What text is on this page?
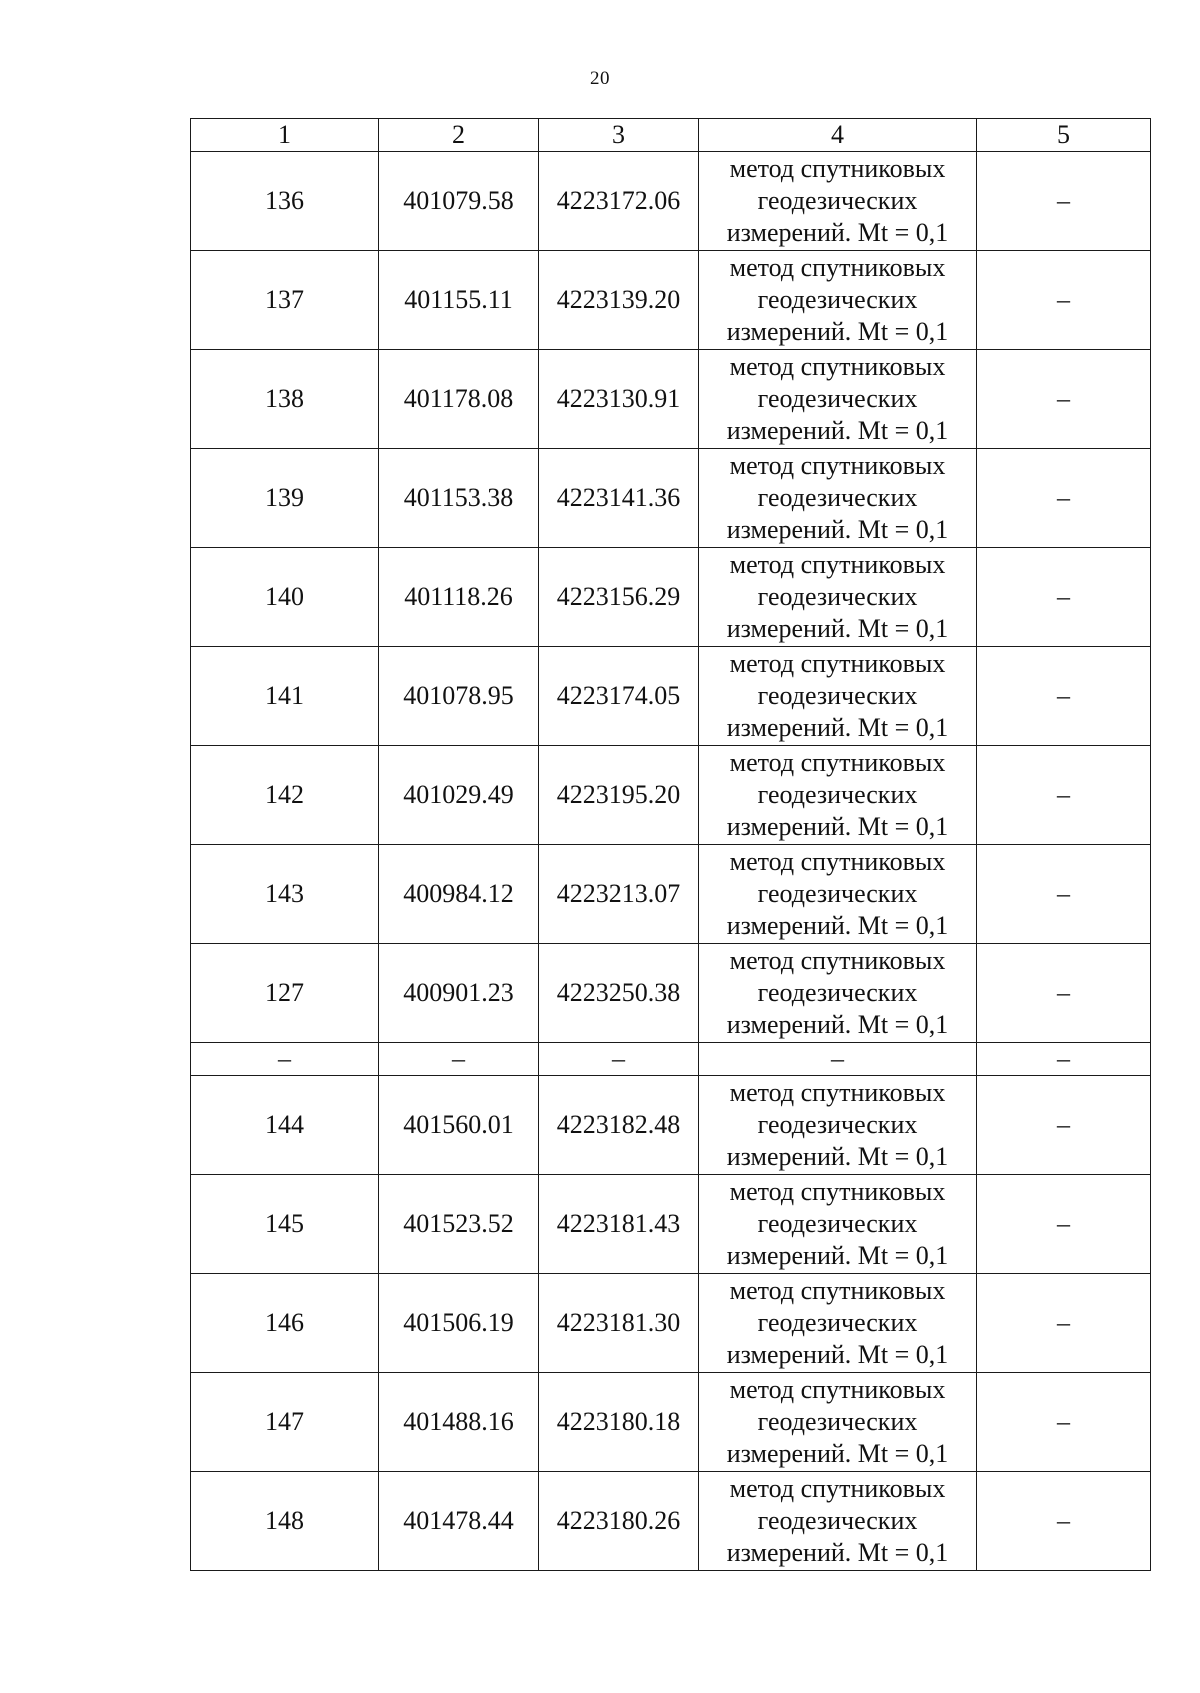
20
1	2	3	4	5
136	401079.58	4223172.06	метод спутниковых
геодезических
измерений. Mt = 0,1	–
137	401155.11	4223139.20	метод спутниковых
геодезических
измерений. Mt = 0,1	–
138	401178.08	4223130.91	метод спутниковых
геодезических
измерений. Mt = 0,1	–
139	401153.38	4223141.36	метод спутниковых
геодезических
измерений. Mt = 0,1	–
140	401118.26	4223156.29	метод спутниковых
геодезических
измерений. Mt = 0,1	–
141	401078.95	4223174.05	метод спутниковых
геодезических
измерений. Mt = 0,1	–
142	401029.49	4223195.20	метод спутниковых
геодезических
измерений. Mt = 0,1	–
143	400984.12	4223213.07	метод спутниковых
геодезических
измерений. Mt = 0,1	–
127	400901.23	4223250.38	метод спутниковых
геодезических
измерений. Mt = 0,1	–
–	–	–	–	–
144	401560.01	4223182.48	метод спутниковых
геодезических
измерений. Mt = 0,1	–
145	401523.52	4223181.43	метод спутниковых
геодезических
измерений. Mt = 0,1	–
146	401506.19	4223181.30	метод спутниковых
геодезических
измерений. Mt = 0,1	–
147	401488.16	4223180.18	метод спутниковых
геодезических
измерений. Mt = 0,1	–
148	401478.44	4223180.26	метод спутниковых
геодезических
измерений. Mt = 0,1	–
